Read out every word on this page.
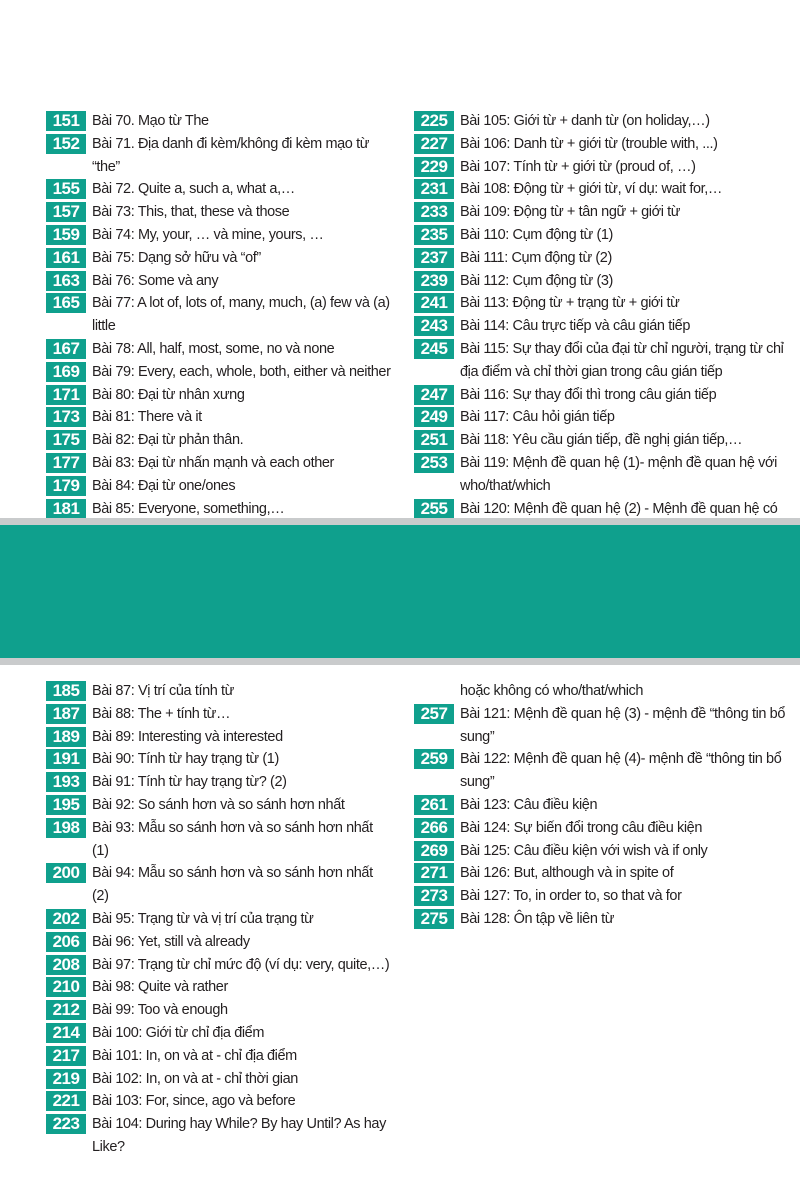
151 Bài 70. Mạo từ The
152 Bài 71. Địa danh đi kèm/không đi kèm mạo từ “the”
155 Bài 72. Quite a, such a, what a,…
157 Bài 73: This, that, these và those
159 Bài 74: My, your, … và mine, yours, …
161 Bài 75: Dạng sở hữu và “of”
163 Bài 76: Some và any
165 Bài 77: A lot of, lots of, many, much, (a) few và (a) little
167 Bài 78: All, half, most, some, no và none
169 Bài 79: Every, each, whole, both, either và neither
171 Bài 80: Đại từ nhân xưng
173 Bài 81: There và it
175 Bài 82: Đại từ phản thân.
177 Bài 83: Đại từ nhấn mạnh và each other
179 Bài 84: Đại từ one/ones
181 Bài 85: Everyone, something,…
225 Bài 105: Giới từ + danh từ (on holiday,…)
227 Bài 106: Danh từ + giới từ (trouble with, ...)
229 Bài 107: Tính từ + giới từ (proud of, …)
231 Bài 108: Động từ + giới từ, ví dụ: wait for,…
233 Bài 109: Động từ + tân ngữ + giới từ
235 Bài 110: Cụm động từ (1)
237 Bài 111: Cụm động từ (2)
239 Bài 112: Cụm động từ (3)
241 Bài 113: Động từ + trạng từ + giới từ
243 Bài 114: Câu trực tiếp và câu gián tiếp
245 Bài 115: Sự thay đổi của đại từ chỉ người, trạng từ chỉ địa điểm và chỉ thời gian trong câu gián tiếp
247 Bài 116: Sự thay đổi thì trong câu gián tiếp
249 Bài 117: Câu hỏi gián tiếp
251 Bài 118: Yêu cầu gián tiếp, đề nghị gián tiếp,…
253 Bài 119: Mệnh đề quan hệ (1)- mệnh đề quan hệ với who/that/which
255 Bài 120: Mệnh đề quan hệ (2) - Mệnh đề quan hệ có
185 Bài 87: Vị trí của tính từ
187 Bài 88: The + tính từ…
189 Bài 89: Interesting và interested
191 Bài 90: Tính từ hay trạng từ (1)
193 Bài 91: Tính từ hay trạng từ? (2)
195 Bài 92: So sánh hơn và so sánh hơn nhất
198 Bài 93: Mẫu so sánh hơn và so sánh hơn nhất (1)
200 Bài 94: Mẫu so sánh hơn và so sánh hơn nhất (2)
202 Bài 95: Trạng từ và vị trí của trạng từ
206 Bài 96: Yet, still và already
208 Bài 97: Trạng từ chỉ mức độ (ví dụ: very, quite,…)
210 Bài 98: Quite và rather
212 Bài 99: Too và enough
214 Bài 100: Giới từ chỉ địa điểm
217 Bài 101: In, on và at - chỉ địa điểm
219 Bài 102: In, on và at - chỉ thời gian
221 Bài 103: For, since, ago và before
223 Bài 104: During hay While? By hay Until? As hay Like?
hoặc không có who/that/which
257 Bài 121: Mệnh đề quan hệ (3) - mệnh đề “thông tin bổ sung”
259 Bài 122: Mệnh đề quan hệ (4)- mệnh đề “thông tin bổ sung”
261 Bài 123: Câu điều kiện
266 Bài 124: Sự biến đổi trong câu điều kiện
269 Bài 125: Câu điều kiện với wish và if only
271 Bài 126: But, although và in spite of
273 Bài 127: To, in order to, so that và for
275 Bài 128: Ôn tập về liên từ
